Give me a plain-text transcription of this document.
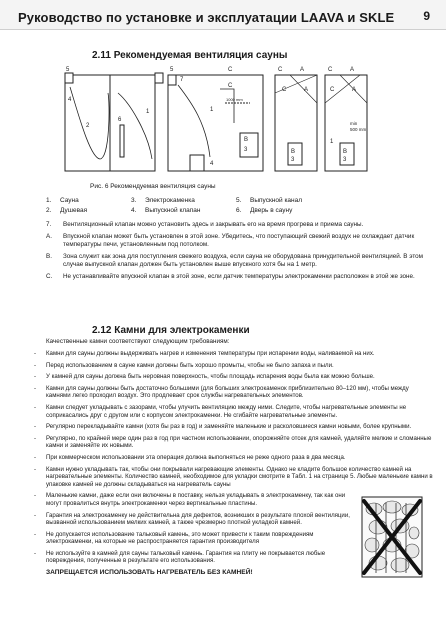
Руководство по установке и эксплуатации LAAVA и SKLE 9
2.11 Рекомендуемая вентиляция сауны
5
4
2
6
1
5
7
1
4
C
C
1000 mm
B
3
C	A
C	A
B
3
C	A
C	A
min
500 mm
1
B
3
Рис. 6 Рекомендуемая вентиляция сауны
1. Сауна	3. Электрокаменка	5. Выпускной канал
2. Душевая	4. Выпускной клапан	6. Дверь в сауну
7. Вентиляционный клапан можно установить здесь и закрывать его на время прогрева и приема сауны.
A. Впускной клапан может быть установлен в этой зоне. Убедитесь, что поступающий свежий воздух не охлаждает датчик температуры печи, установленным под потолком.
B. Зона служит как зона для поступления свежего воздуха, если сауна не оборудована принудительной вентиляцией. В этом случае выпускной клапан должен быть установлен выше впускного хотя бы на 1 метр.
C. Не устанавливайте впускной клапан в этой зоне, если датчик температуры электрокаменки расположен в этой же зоне.
2.12 Камни для электрокаменки
Качественные камни соответствуют следующим требованиям:
- Камни для сауны должны выдерживать нагрев и изменения температуры при испарении воды, наливаемой на них.
- Перед использованием в сауне камни должны быть хорошо промыты, чтобы не было запаха и пыли.
- У камней для сауны должна быть неровная поверхность, чтобы площадь испарения воды была как можно больше.
- Камни для сауны должны быть достаточно большими (для больших электрокаменок приблизительно 80–120 мм), чтобы между камнями легко проходил воздух. Это продлевает срок службы нагревательных элементов.
- Камни следует укладывать с зазорами, чтобы улучить вентиляцию между ними. Следите, чтобы нагревательные элементы не соприкасались друг с другом или с корпусом электрокаменки. Не сгибайте нагревательные элементы.
- Регулярно перекладывайте камни (хотя бы раз в год) и заменяйте маленькие и расколовшиеся камни новыми, более крупными.
- Регулярно, по крайней мере один раз в год при частном использовании, опорожняйте отсек для камней, удаляйте мелкие и сломанные камни и заменяйте их новыми.
- При коммерческом использовании эта операция должна выполняться не реже одного раза в два месяца.
- Камни нужно укладывать так, чтобы они покрывали нагревающие элементы. Однако не кладите большое количество камней на нагревательные элементы. Количество камней, необходимое для укладки смотрите в Табл. 1 на странице 5. Любые маленькие камни в упаковке камней не должны складываться на нагреватель сауны
- Маленькие камни, даже если они включены в поставку, нельзя укладывать в электрокаменку, так как они могут провалиться внутрь электрокаменки через вертикальные пластины.
- Гарантия на электрокаменку не действительна для дефектов, возникших в результате плохой вентиляции, вызванной использованием мелких камней, а также чрезмерно плотной укладкой камней.
- Не допускается использование тальковый камень, это может привести к таким повреждениям электрокаменки, на которые не распространяется гарантия производителя
- Не используйте в камней для сауны тальковый камень. Гарантия на плиту не покрывается любые повреждения, полученные в результате его использования.
ЗАПРЕЩАЕТСЯ ИСПОЛЬЗОВАТЬ НАГРЕВАТЕЛЬ БЕЗ КАМНЕЙ!
